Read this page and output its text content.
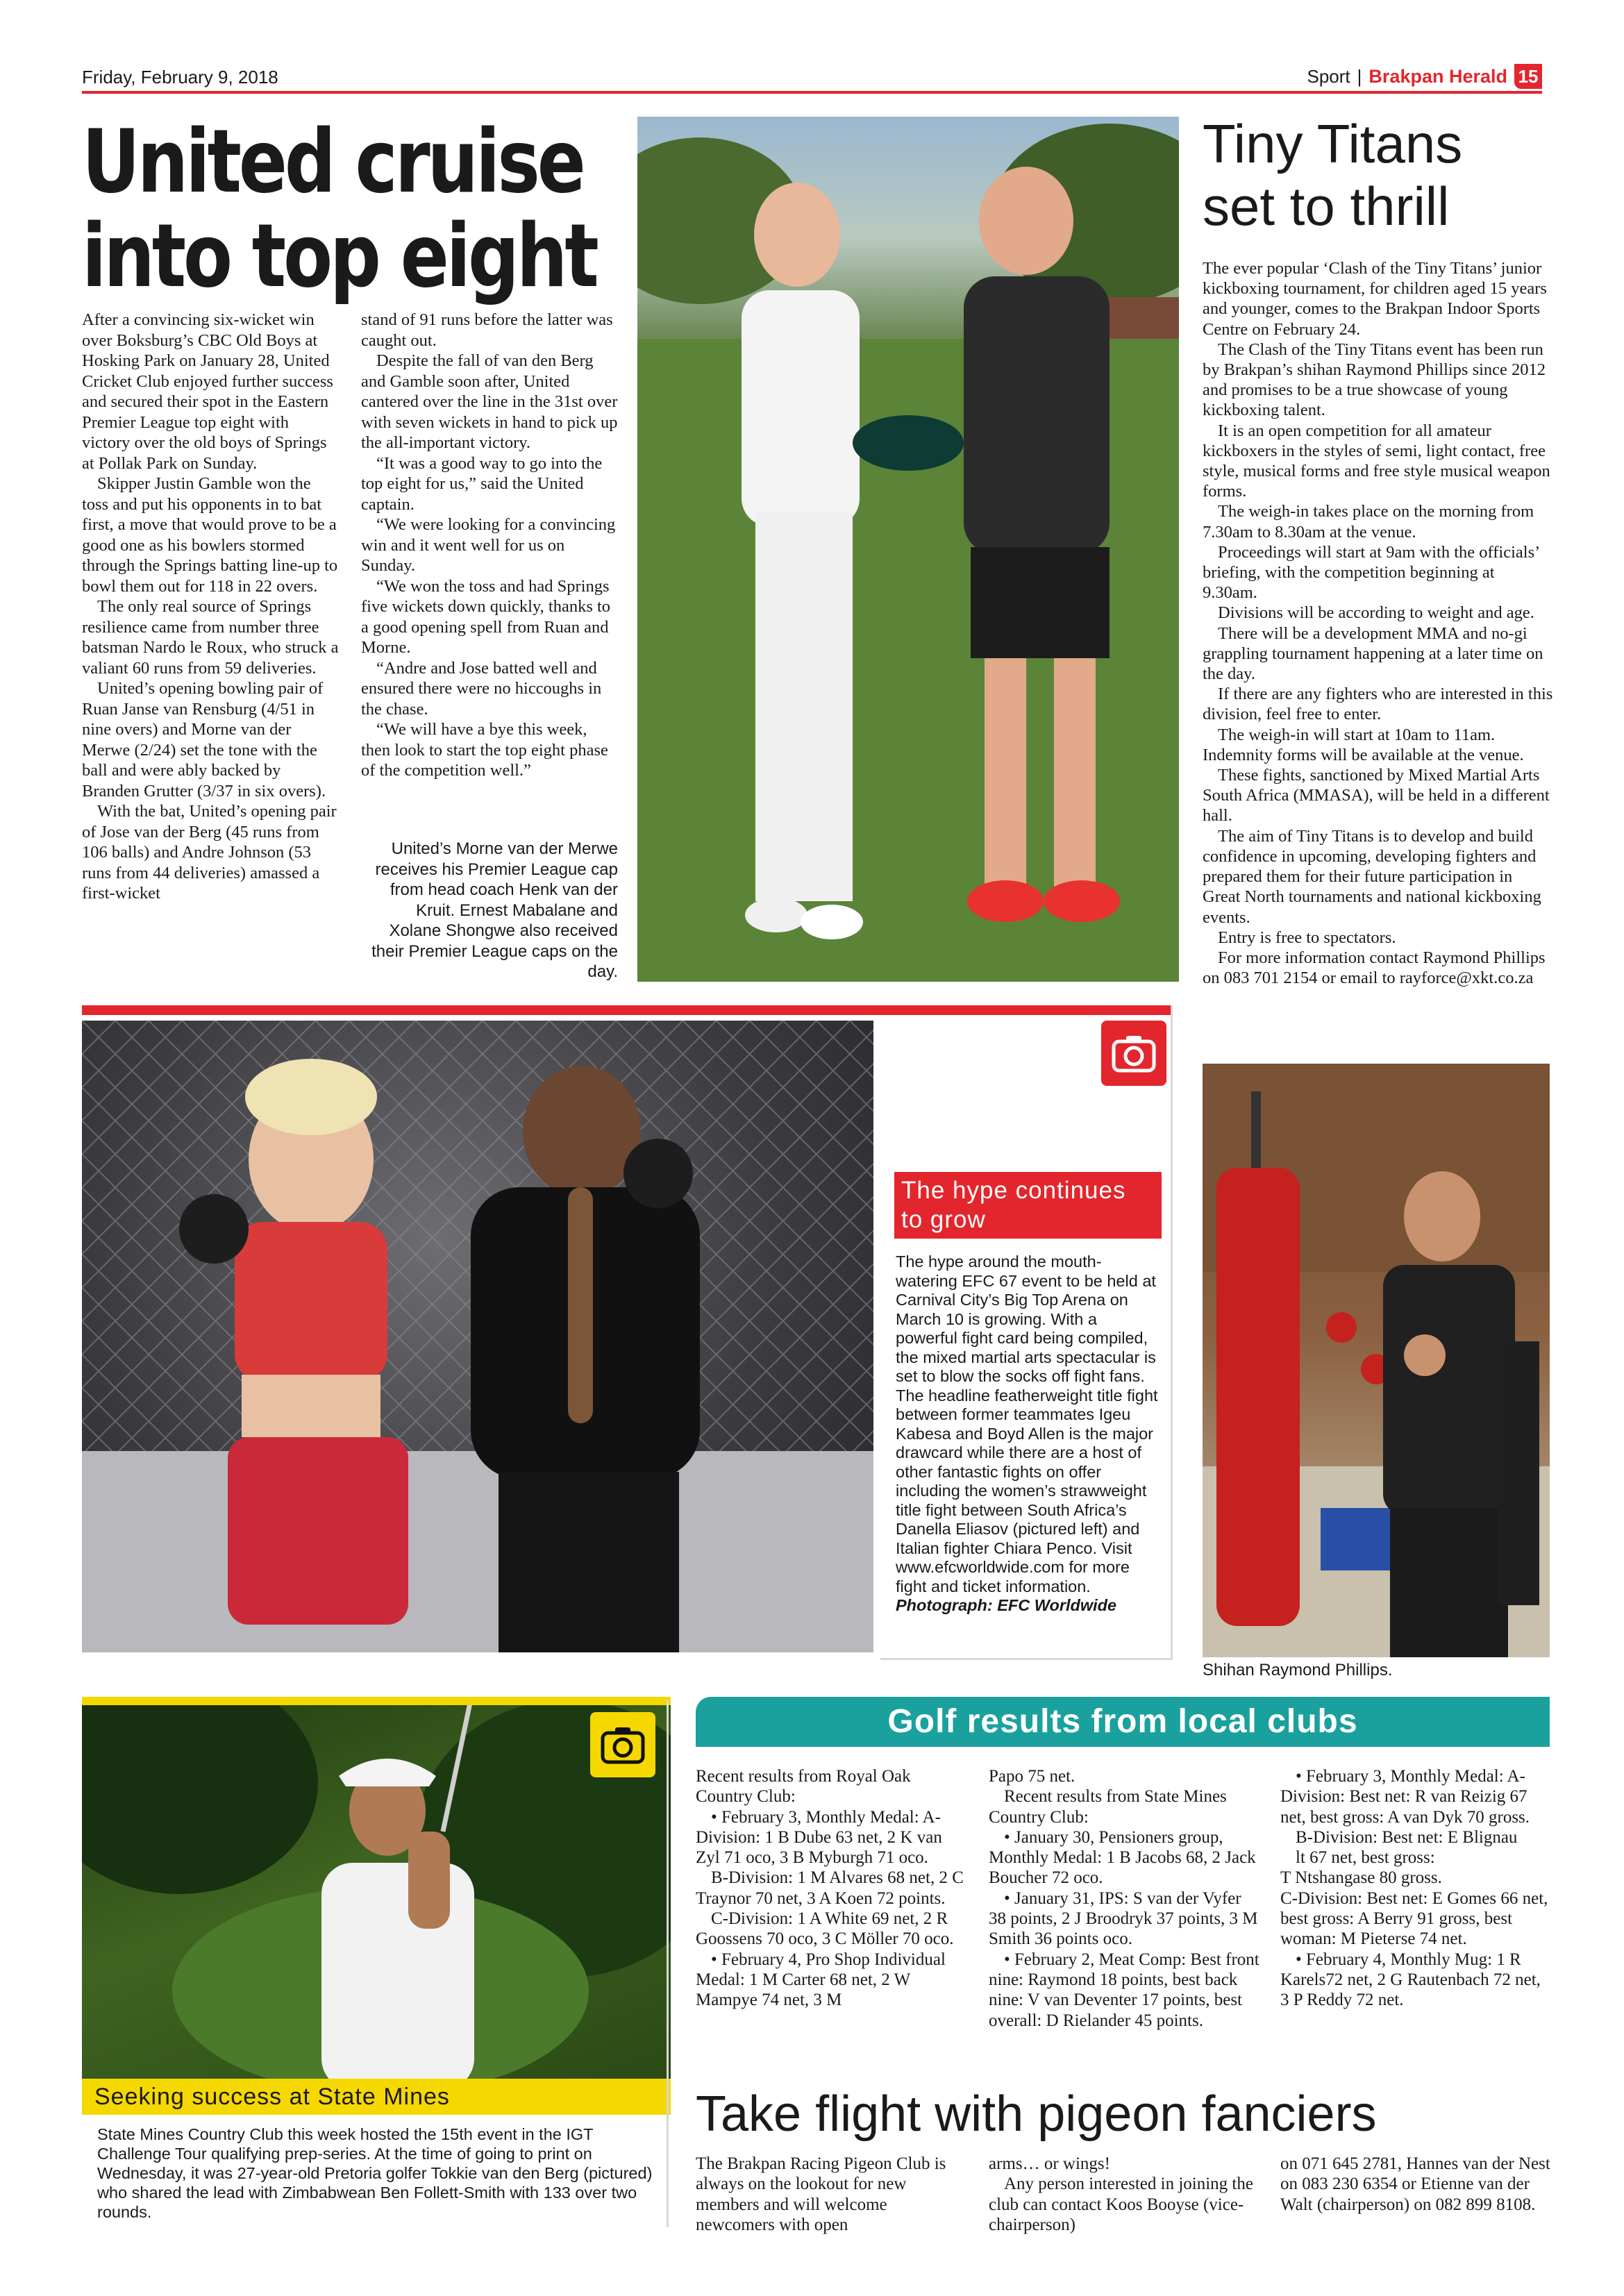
Friday, February 9, 2018	Sport | Brakpan Herald 15
United cruise
into top eight

After a convincing six-wicket win over Boksburg’s CBC Old Boys at Hosking Park on January 28, United Cricket Club enjoyed further success and secured their spot in the Eastern Premier League top eight with victory over the old boys of Springs at Pollak Park on Sunday.

Skipper Justin Gamble won the toss and put his opponents in to bat first, a move that would prove to be a good one as his bowlers stormed through the Springs batting line-up to bowl them out for 118 in 22 overs.

The only real source of Springs resilience came from number three batsman Nardo le Roux, who struck a valiant 60 runs from 59 deliveries.

United’s opening bowling pair of Ruan Janse van Rensburg (4/51 in nine overs) and Morne van der Merwe (2/24) set the tone with the ball and were ably backed by Branden Grutter (3/37 in six overs).

With the bat, United’s opening pair of Jose van der Berg (45 runs from 106 balls) and Andre Johnson (53 runs from 44 deliveries) amassed a first-wicket

stand of 91 runs before the latter was caught out.

Despite the fall of van den Berg and Gamble soon after, United cantered over the line in the 31st over with seven wickets in hand to pick up the all-important victory.

“It was a good way to go into the top eight for us,” said the United captain.

“We were looking for a convincing win and it went well for us on Sunday.

“We won the toss and had Springs five wickets down quickly, thanks to a good opening spell from Ruan and Morne.

“Andre and Jose batted well and ensured there were no hiccoughs in the chase.

“We will have a bye this week, then look to start the top eight phase of the competition well.”

United’s Morne van der Merwe receives his Premier League cap from head coach Henk van der Kruit. Ernest Mabalane and Xolane Shongwe also received their Premier League caps on the day.
Tiny Titans
set to thrill

The ever popular ‘Clash of the Tiny Titans’ junior kickboxing tournament, for children aged 15 years and younger, comes to the Brakpan Indoor Sports Centre on February 24.

The Clash of the Tiny Titans event has been run by Brakpan’s shihan Raymond Phillips since 2012 and promises to be a true showcase of young kickboxing talent.

It is an open competition for all amateur kickboxers in the styles of semi, light contact, free style, musical forms and free style musical weapon forms.

The weigh-in takes place on the morning from 7.30am to 8.30am at the venue.

Proceedings will start at 9am with the officials’ briefing, with the competition beginning at 9.30am.

Divisions will be according to weight and age.

There will be a development MMA and no-gi grappling tournament happening at a later time on the day.

If there are any fighters who are interested in this division, feel free to enter.

The weigh-in will start at 10am to 11am. Indemnity forms will be available at the venue.

These fights, sanctioned by Mixed Martial Arts South Africa (MMASA), will be held in a different hall.

The aim of Tiny Titans is to develop and build confidence in upcoming, developing fighters and prepared them for their future participation in Great North tournaments and national kickboxing events.

Entry is free to spectators.

For more information contact Raymond Phillips on 083 701 2154 or email to rayforce@xkt.co.za

Shihan Raymond Phillips.
The hype continues
to grow
The hype around the mouth-watering EFC 67 event to be held at Carnival City’s Big Top Arena on March 10 is growing. With a powerful fight card being compiled, the mixed martial arts spectacular is set to blow the socks off fight fans. The headline featherweight title fight between former teammates Igeu Kabesa and Boyd Allen is the major drawcard while there are a host of other fantastic fights on offer including the women’s strawweight title fight between South Africa’s Danella Eliasov (pictured left) and Italian fighter Chiara Penco. Visit www.efcworldwide.com for more fight and ticket information. Photograph: EFC Worldwide
Seeking success at State Mines
State Mines Country Club this week hosted the 15th event in the IGT Challenge Tour qualifying prep-series. At the time of going to print on Wednesday, it was 27-year-old Pretoria golfer Tokkie van den Berg (pictured) who shared the lead with Zimbabwean Ben Follett-Smith with 133 over two rounds.
Golf results from local clubs

Recent results from Royal Oak Country Club:

• February 3, Monthly Medal: A-Division: 1 B Dube 63 net, 2 K van Zyl 71 oco, 3 B Myburgh 71 oco.

B-Division: 1 M Alvares 68 net, 2 C Traynor 70 net, 3 A Koen 72 points.

C-Division: 1 A White 69 net, 2 R Goossens 70 oco, 3 C Möller 70 oco.

• February 4, Pro Shop Individual Medal: 1 M Carter 68 net, 2 W Mampye 74 net, 3 M

Papo 75 net.

Recent results from State Mines Country Club:

• January 30, Pensioners group, Monthly Medal: 1 B Jacobs 68, 2 Jack Boucher 72 oco.

• January 31, IPS: S van der Vyfer 38 points, 2 J Broodryk 37 points, 3 M Smith 36 points oco.

• February 2, Meat Comp: Best front nine: Raymond 18 points, best back nine: V van Deventer 17 points, best overall: D Rielander 45 points.

• February 3, Monthly Medal: A-Division: Best net: R van Reizig 67 net, best gross: A van Dyk 70 gross.

B-Division: Best net: E Blignau

lt 67 net, best gross:

T Ntshangase 80 gross.

C-Division: Best net: E Gomes 66 net, best gross: A Berry 91 gross, best woman: M Pieterse 74 net.

• February 4, Monthly Mug: 1 R Karels72 net, 2 G Rautenbach 72 net, 3 P Reddy 72 net.

Take flight with pigeon fanciers

The Brakpan Racing Pigeon Club is always on the lookout for new members and will welcome newcomers with open

arms… or wings!

Any person interested in joining the club can contact Koos Booyse (vice-chairperson)

on 071 645 2781, Hannes van der Nest on 083 230 6354 or Etienne van der Walt (chairperson) on 082 899 8108.
